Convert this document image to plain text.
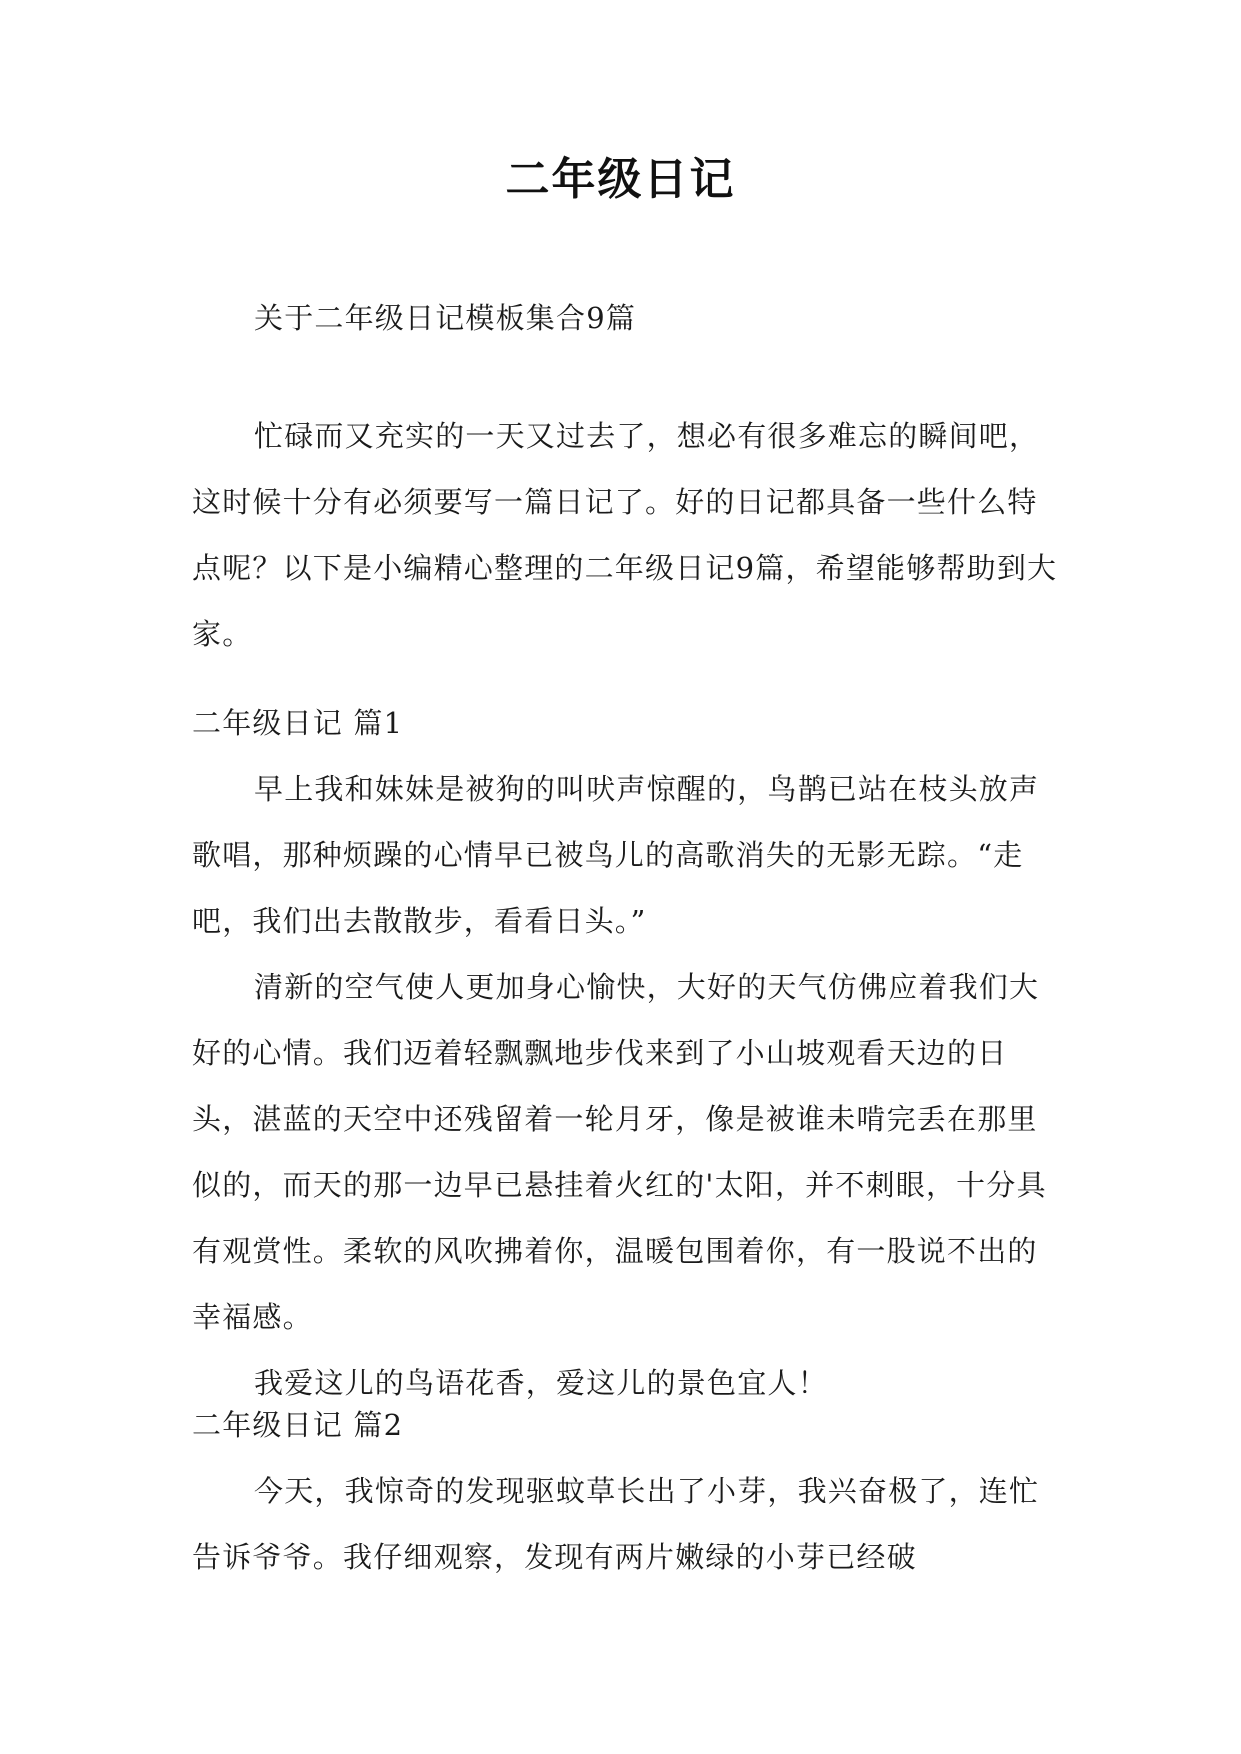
二年级日记

关于二年级日记模板集合9篇

忙碌而又充实的一天又过去了，想必有很多难忘的瞬间吧，这时候十分有必须要写一篇日记了。好的日记都具备一些什么特点呢？以下是小编精心整理的二年级日记9篇，希望能够帮助到大家。

二年级日记 篇1

早上我和妹妹是被狗的叫吠声惊醒的，鸟鹊已站在枝头放声歌唱，那种烦躁的心情早已被鸟儿的高歌消失的无影无踪。“走吧，我们出去散散步，看看日头。”

清新的空气使人更加身心愉快，大好的天气仿佛应着我们大好的心情。我们迈着轻飘飘地步伐来到了小山坡观看天边的日头，湛蓝的天空中还残留着一轮月牙，像是被谁未啃完丢在那里似的，而天的那一边早已悬挂着火红的'太阳，并不刺眼，十分具有观赏性。柔软的风吹拂着你，温暖包围着你，有一股说不出的幸福感。

我爱这儿的鸟语花香，爱这儿的景色宜人！

二年级日记 篇2

今天，我惊奇的发现驱蚊草长出了小芽，我兴奋极了，连忙告诉爷爷。我仔细观察，发现有两片嫩绿的小芽已经破
